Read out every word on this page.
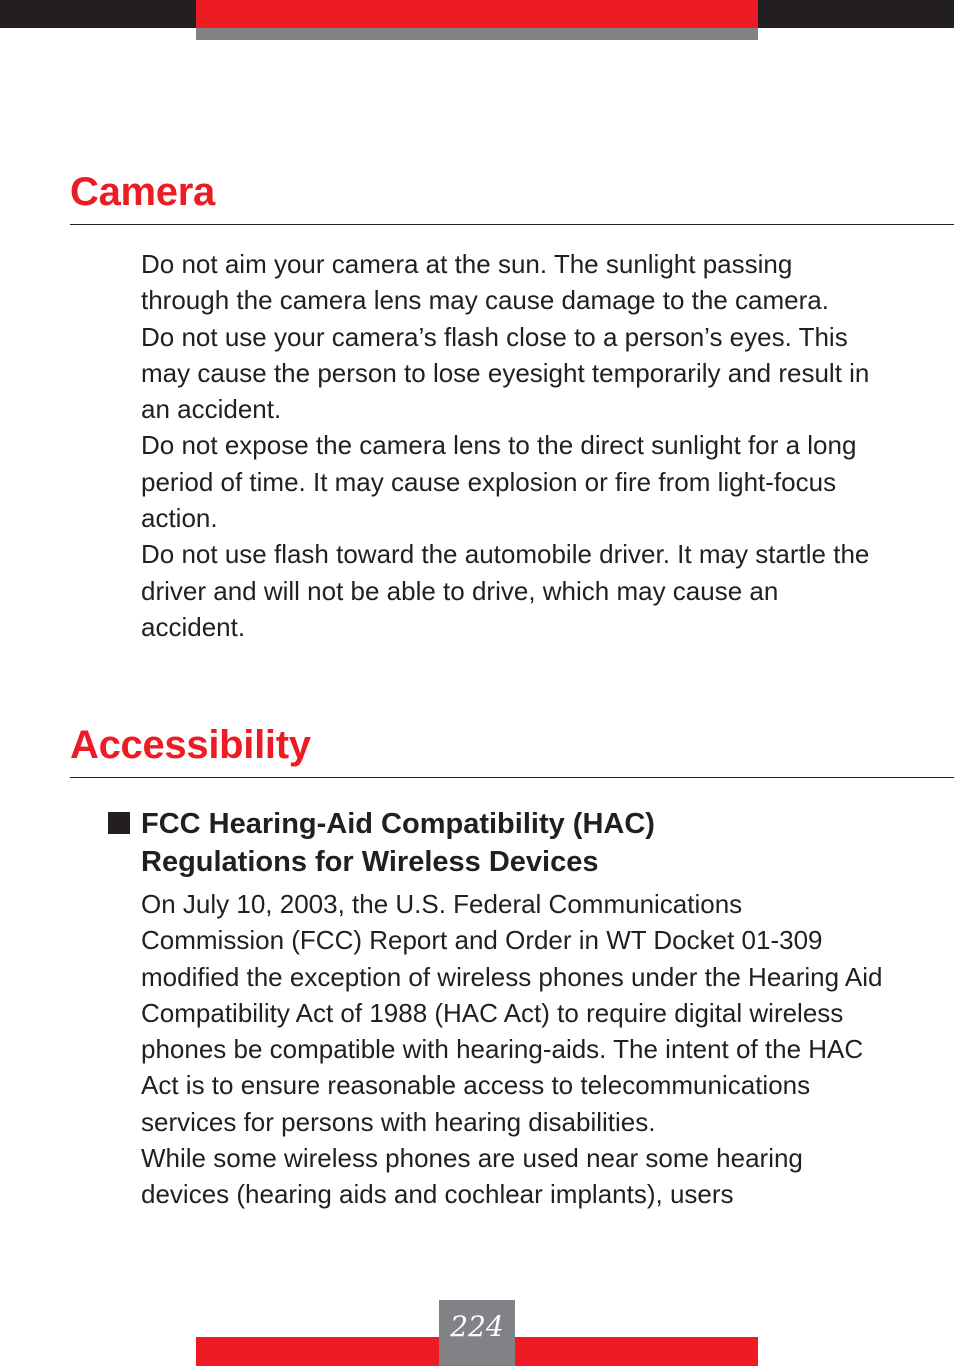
Camera

Do not aim your camera at the sun. The sunlight passing through the camera lens may cause damage to the camera.

Do not use your camera’s flash close to a person’s eyes. This may cause the person to lose eyesight temporarily and result in an accident.

Do not expose the camera lens to the direct sunlight for a long period of time. It may cause explosion or fire from light-focus action.

Do not use flash toward the automobile driver. It may startle the driver and will not be able to drive, which may cause an accident.

Accessibility
FCC Hearing-Aid Compatibility (HAC)
Regulations for Wireless Devices

On July 10, 2003, the U.S. Federal Communications Commission (FCC) Report and Order in WT Docket 01-309 modified the exception of wireless phones under the Hearing Aid Compatibility Act of 1988 (HAC Act) to require digital wireless phones be compatible with hearing-aids. The intent of the HAC Act is to ensure reasonable access to telecommunications services for persons with hearing disabilities.

While some wireless phones are used near some hearing devices (hearing aids and cochlear implants), users

224
